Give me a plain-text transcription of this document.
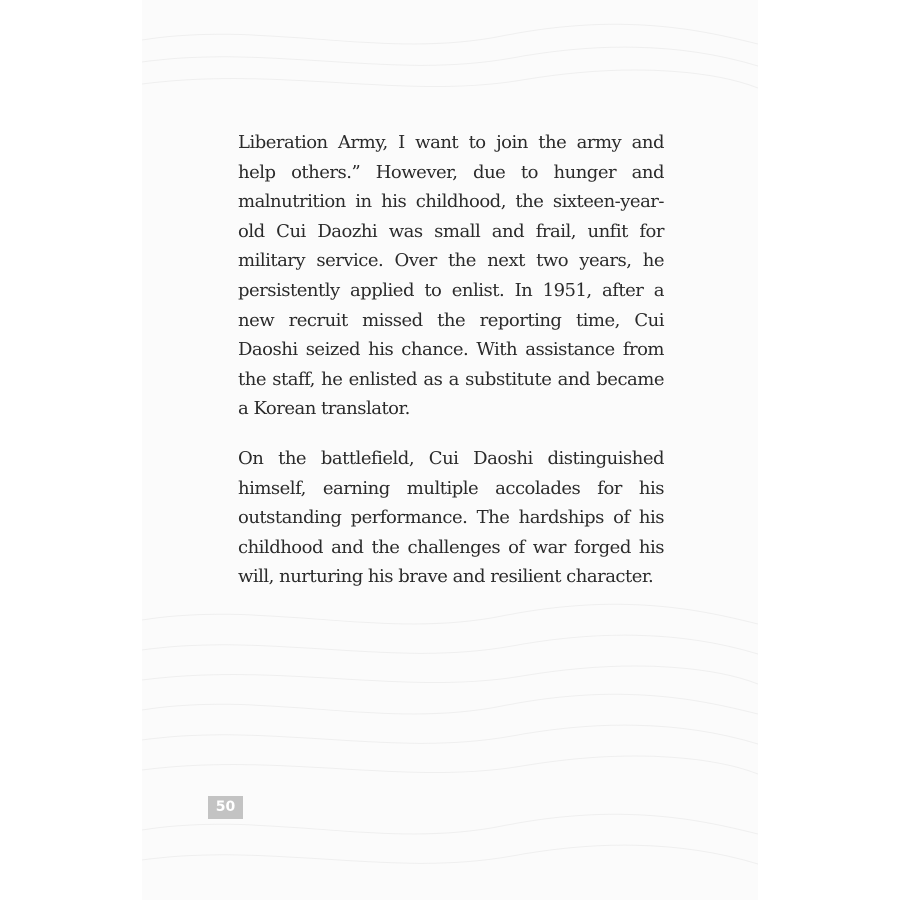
Liberation Army, I want to join the army and help others.” However, due to hunger and malnutrition in his childhood, the sixteen-year-old Cui Daozhi was small and frail, unfit for military service. Over the next two years, he persistently applied to enlist. In 1951, after a new recruit missed the reporting time, Cui Daoshi seized his chance. With assistance from the staff, he enlisted as a substitute and became a Korean translator.

On the battlefield, Cui Daoshi distinguished himself, earning multiple accolades for his outstanding performance. The hardships of his childhood and the challenges of war forged his will, nurturing his brave and resilient character.

50
